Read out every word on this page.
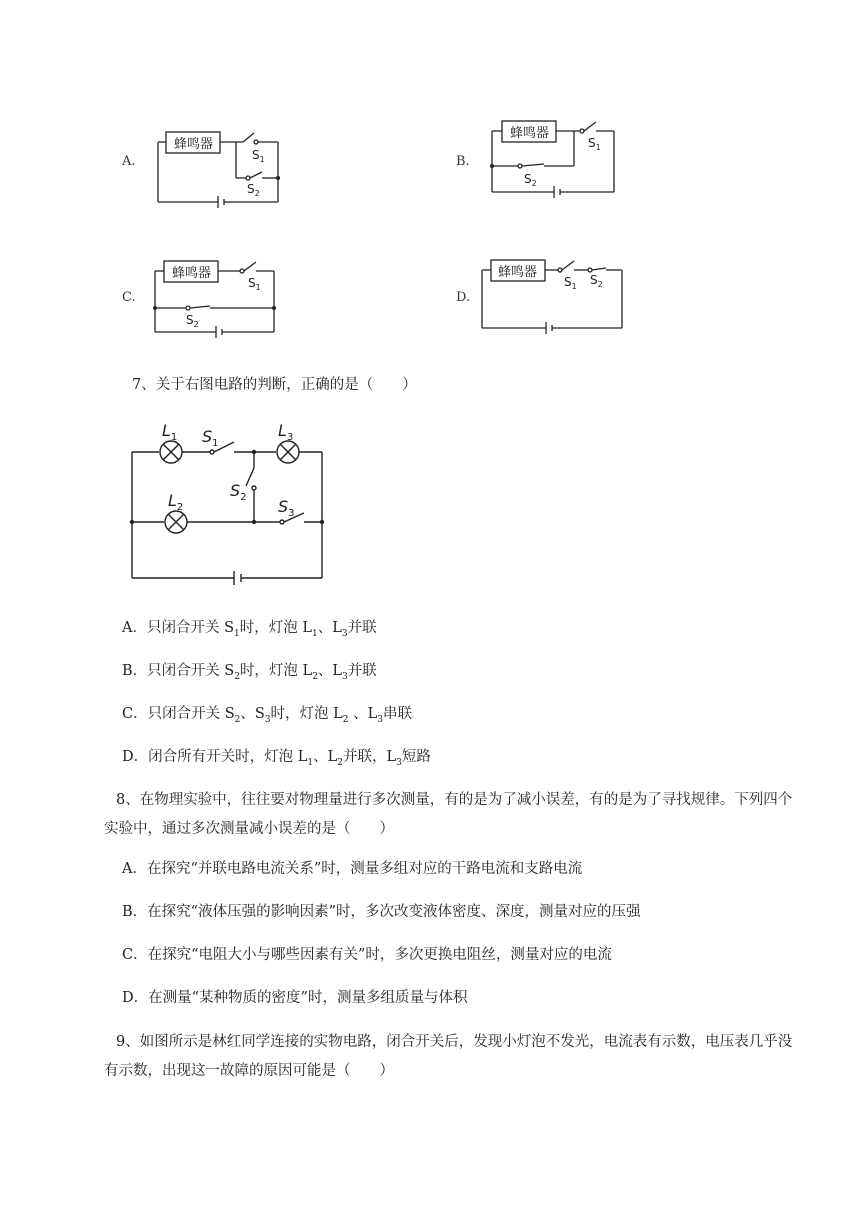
A.
蜂鸣器
$S_1$
$S_2$
B.
蜂鸣器
$S_1$
$S_2$
C.
蜂鸣器
$S_1$
$S_2$
D.
蜂鸣器
$S_1$ $S_2$
7、关于右图电路的判断，正确的是（　　）
$L_1$ $S_1$
$L_3$
$S_2$
$L_2$	$S_3$
A．只闭合开关 $S_1$时，灯泡 $L_1$、$L_3$并联
B．只闭合开关 $S_2$时，灯泡 $L_2$、$L_3$并联
C．只闭合开关 $S_2$、$S_3$时，灯泡 $L_2$ 、$L_3$串联
D．闭合所有开关时，灯泡 $L_1$、$L_2$并联，$L_3$短路
8、在物理实验中，往往要对物理量进行多次测量，有的是为了减小误差，有的是为了寻找规律。下列四个实验中，通过多次测量减小误差的是（　　）
A．在探究“并联电路电流关系”时，测量多组对应的干路电流和支路电流
B．在探究“液体压强的影响因素”时，多次改变液体密度、深度，测量对应的压强
C．在探究“电阻大小与哪些因素有关”时，多次更换电阻丝，测量对应的电流
D．在测量“某种物质的密度”时，测量多组质量与体积
9、如图所示是林红同学连接的实物电路，闭合开关后，发现小灯泡不发光，电流表有示数，电压表几乎没有示数，出现这一故障的原因可能是（　　）
